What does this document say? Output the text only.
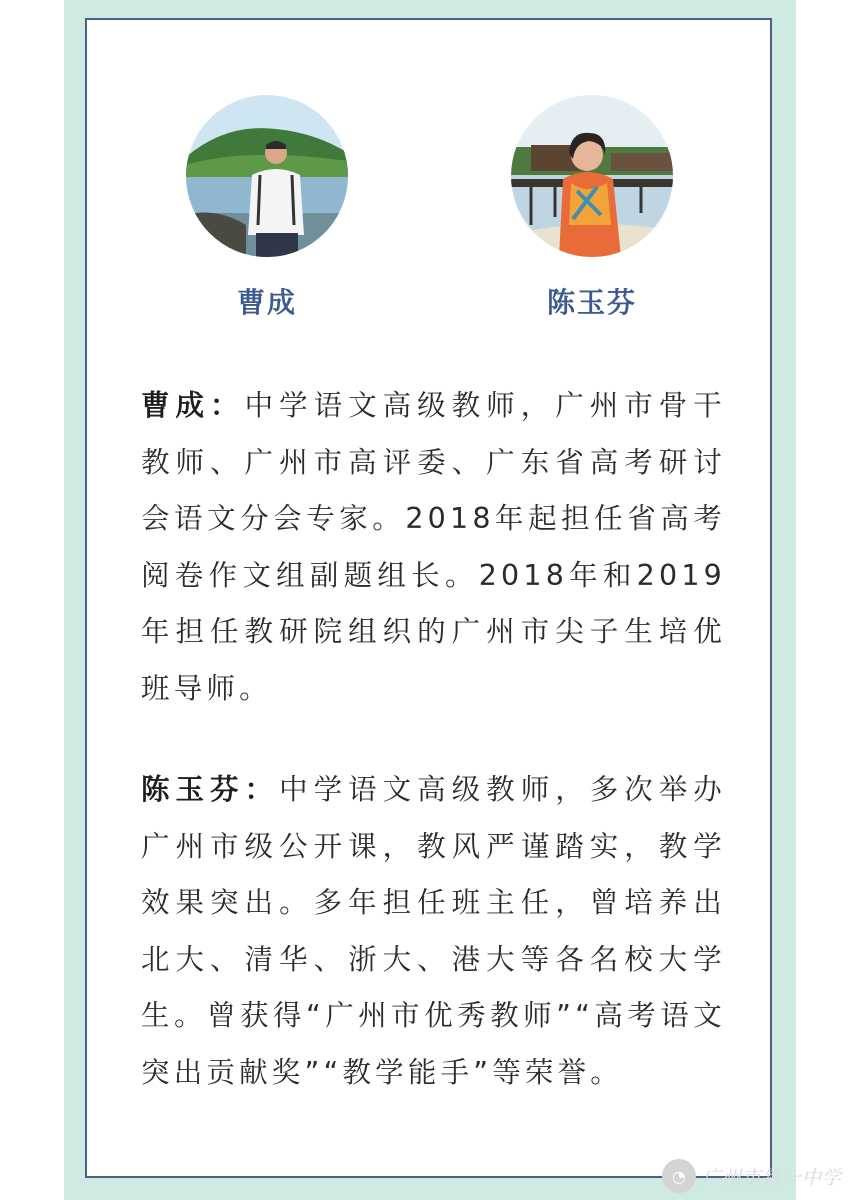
曹成	陈玉芬
曹成：中学语文高级教师，广州市骨干教师、广州市高评委、广东省高考研讨会语文分会专家。2018年起担任省高考阅卷作文组副题组长。2018年和2019年担任教研院组织的广州市尖子生培优班导师。
陈玉芬：中学语文高级教师，多次举办广州市级公开课，教风严谨踏实，教学效果突出。多年担任班主任，曾培养出北大、清华、浙大、港大等各名校大学生。曾获得“广州市优秀教师”“高考语文突出贡献奖”“教学能手”等荣誉。
◔ 广州市铁一中学
